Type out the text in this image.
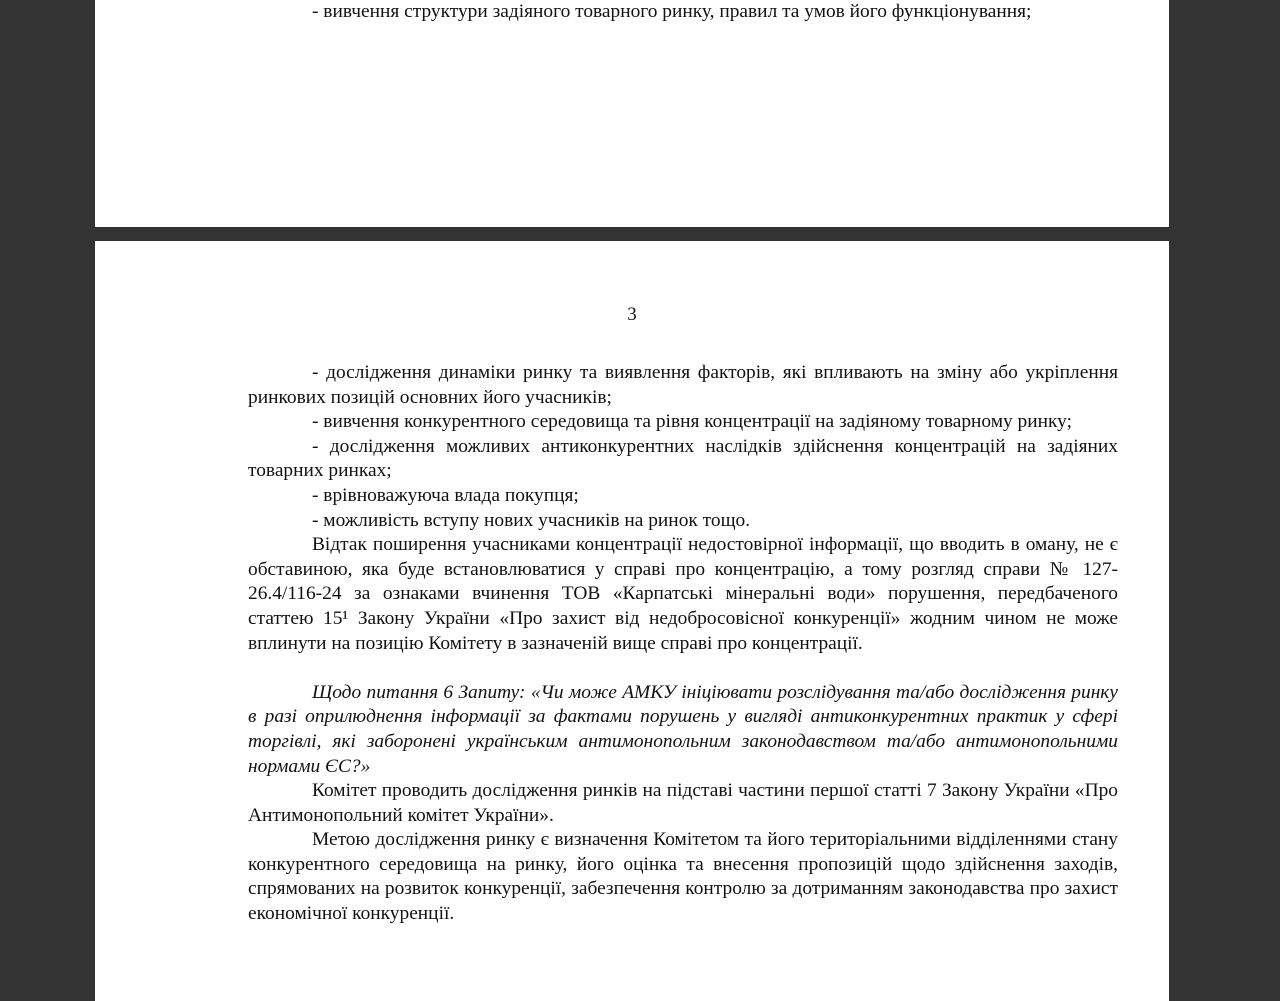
- вивчення структури задіяного товарного ринку, правил та умов його функціонування;

3

- дослідження динаміки ринку та виявлення факторів, які впливають на зміну або укріплення ринкових позицій основних його учасників;

- вивчення конкурентного середовища та рівня концентрації на задіяному товарному ринку;

- дослідження можливих антиконкурентних наслідків здійснення концентрацій на задіяних товарних ринках;

- врівноважуюча влада покупця;

- можливість вступу нових учасників на ринок тощо.

Відтак поширення учасниками концентрації недостовірної інформації, що вводить в оману, не є обставиною, яка буде встановлюватися у справі про концентрацію, а тому розгляд справи № 127-26.4/116-24 за ознаками вчинення ТОВ «Карпатські мінеральні води» порушення, передбаченого статтею 15¹ Закону України «Про захист від недобросовісної конкуренції» жодним чином не може вплинути на позицію Комітету в зазначеній вище справі про концентрації.

Щодо питання 6 Запиту: «Чи може АМКУ ініціювати розслідування та/або дослідження ринку в разі оприлюднення інформації за фактами порушень у вигляді антиконкурентних практик у сфері торгівлі, які заборонені українським антимонопольним законодавством та/або антимонопольними нормами ЄС?»

Комітет проводить дослідження ринків на підставі частини першої статті 7 Закону України «Про Антимонопольний комітет України».

Метою дослідження ринку є визначення Комітетом та його територіальними відділеннями стану конкурентного середовища на ринку, його оцінка та внесення пропозицій щодо здійснення заходів, спрямованих на розвиток конкуренції, забезпечення контролю за дотриманням законодавства про захист економічної конкуренції.
